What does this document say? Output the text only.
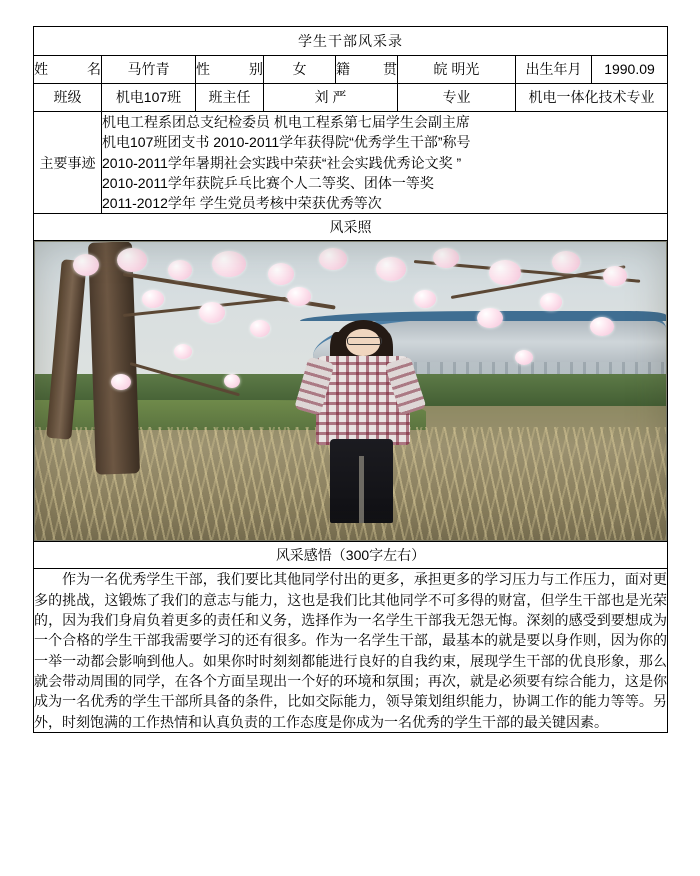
学生干部风采录							
姓名	马竹青	性别	女	籍贯	皖 明光	出生年月	1990.09
班级	机电107班	班主任	刘 严		专业	机电一体化技术专业	
主要事迹	机电工程系团总支纪检委员 机电工程系第七届学生会副主席
机电107班团支书 2010-2011学年获得院“优秀学生干部”称号
2010-2011学年暑期社会实践中荣获“社会实践优秀论文奖 ”
2010-2011学年获院乒乓比赛个人二等奖、团体一等奖
2011-2012学年 学生党员考核中荣获优秀等次						

风采照							

风采感悟（300字左右）							
作为一名优秀学生干部，我们要比其他同学付出的更多，承担更多的学习压力与工作压力，面对更多的挑战，这锻炼了我们的意志与能力，这也是我们比其他同学不可多得的财富，但学生干部也是光荣的，因为我们身肩负着更多的责任和义务，选择作为一名学生干部我无怨无悔。深刻的感受到要想成为一个合格的学生干部我需要学习的还有很多。作为一名学生干部，最基本的就是要以身作则，因为你的一举一动都会影响到他人。如果你时时刻刻都能进行良好的自我约束，展现学生干部的优良形象，那么就会带动周围的同学，在各个方面呈现出一个好的环境和氛围；再次，就是必须要有综合能力，这是你成为一名优秀的学生干部所具备的条件，比如交际能力，领导策划组织能力，协调工作的能力等等。另外，时刻饱满的工作热情和认真负责的工作态度是你成为一名优秀的学生干部的最关键因素。							
